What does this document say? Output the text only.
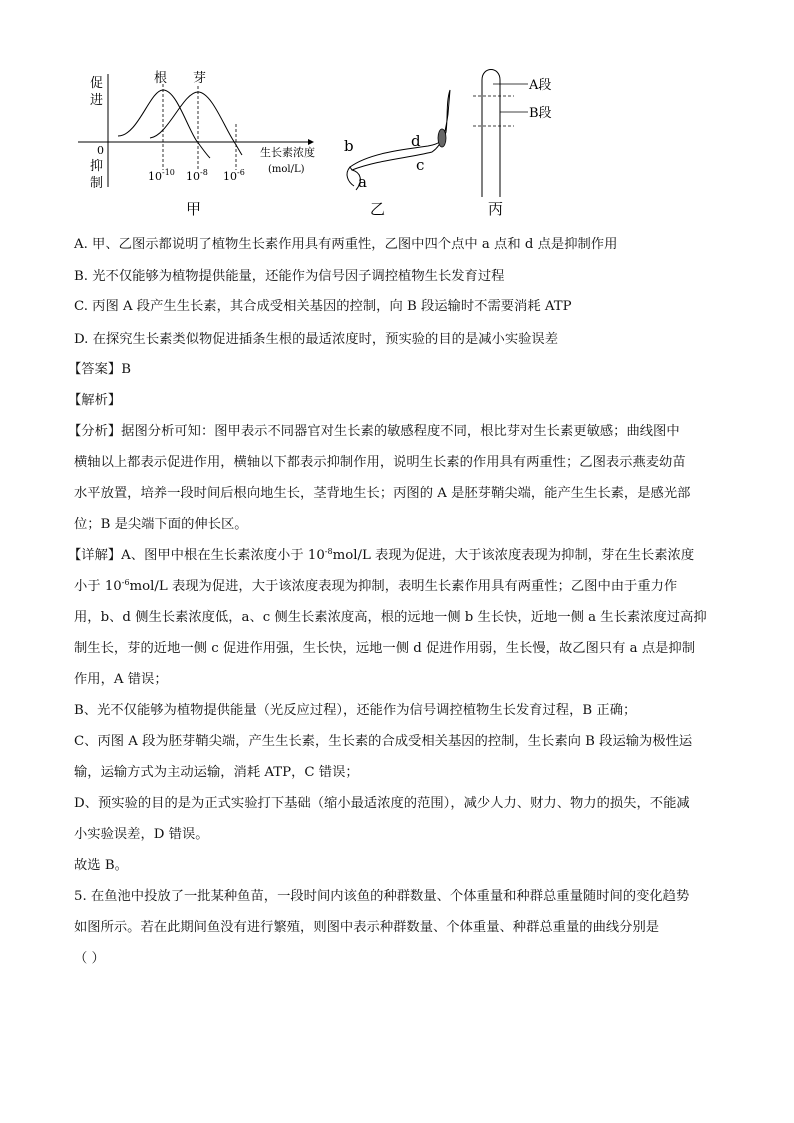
促
进
0
抑
制
根 芽
生长素浓度
(mol/L)
$10^{-10}$ $10^{-8}$ $10^{-6}$
甲
a
b
c
d
乙
A段
B段
丙
A. 甲、乙图示都说明了植物生长素作用具有两重性，乙图中四个点中 a 点和 d 点是抑制作用
B. 光不仅能够为植物提供能量，还能作为信号因子调控植物生长发育过程
C. 丙图 A 段产生生长素，其合成受相关基因的控制，向 B 段运输时不需要消耗 ATP
D. 在探究生长素类似物促进插条生根的最适浓度时，预实验的目的是减小实验误差
【答案】B
【解析】
【分析】据图分析可知：图甲表示不同器官对生长素的敏感程度不同，根比芽对生长素更敏感；曲线图中
横轴以上都表示促进作用，横轴以下都表示抑制作用，说明生长素的作用具有两重性；乙图表示燕麦幼苗
水平放置，培养一段时间后根向地生长，茎背地生长；丙图的 A 是胚芽鞘尖端，能产生生长素，是感光部
位；B 是尖端下面的伸长区。
【详解】A、图甲中根在生长素浓度小于 $10^{-8}mol/L$ 表现为促进，大于该浓度表现为抑制，芽在生长素浓度
小于 $10^{-6}mol/L$ 表现为促进，大于该浓度表现为抑制，表明生长素作用具有两重性；乙图中由于重力作
用，b、d 侧生长素浓度低，a、c 侧生长素浓度高，根的远地一侧 b 生长快，近地一侧 a 生长素浓度过高抑
制生长，芽的近地一侧 c 促进作用强，生长快，远地一侧 d 促进作用弱，生长慢，故乙图只有 a 点是抑制
作用，A 错误；
B、光不仅能够为植物提供能量（光反应过程），还能作为信号调控植物生长发育过程，B 正确；
C、丙图 A 段为胚芽鞘尖端，产生生长素，生长素的合成受相关基因的控制，生长素向 B 段运输为极性运
输，运输方式为主动运输，消耗 ATP，C 错误；
D、预实验的目的是为正式实验打下基础（缩小最适浓度的范围），减少人力、财力、物力的损失，不能减
小实验误差，D 错误。
故选 B。
5. 在鱼池中投放了一批某种鱼苗，一段时间内该鱼的种群数量、个体重量和种群总重量随时间的变化趋势
如图所示。若在此期间鱼没有进行繁殖，则图中表示种群数量、个体重量、种群总重量的曲线分别是
（ ）
